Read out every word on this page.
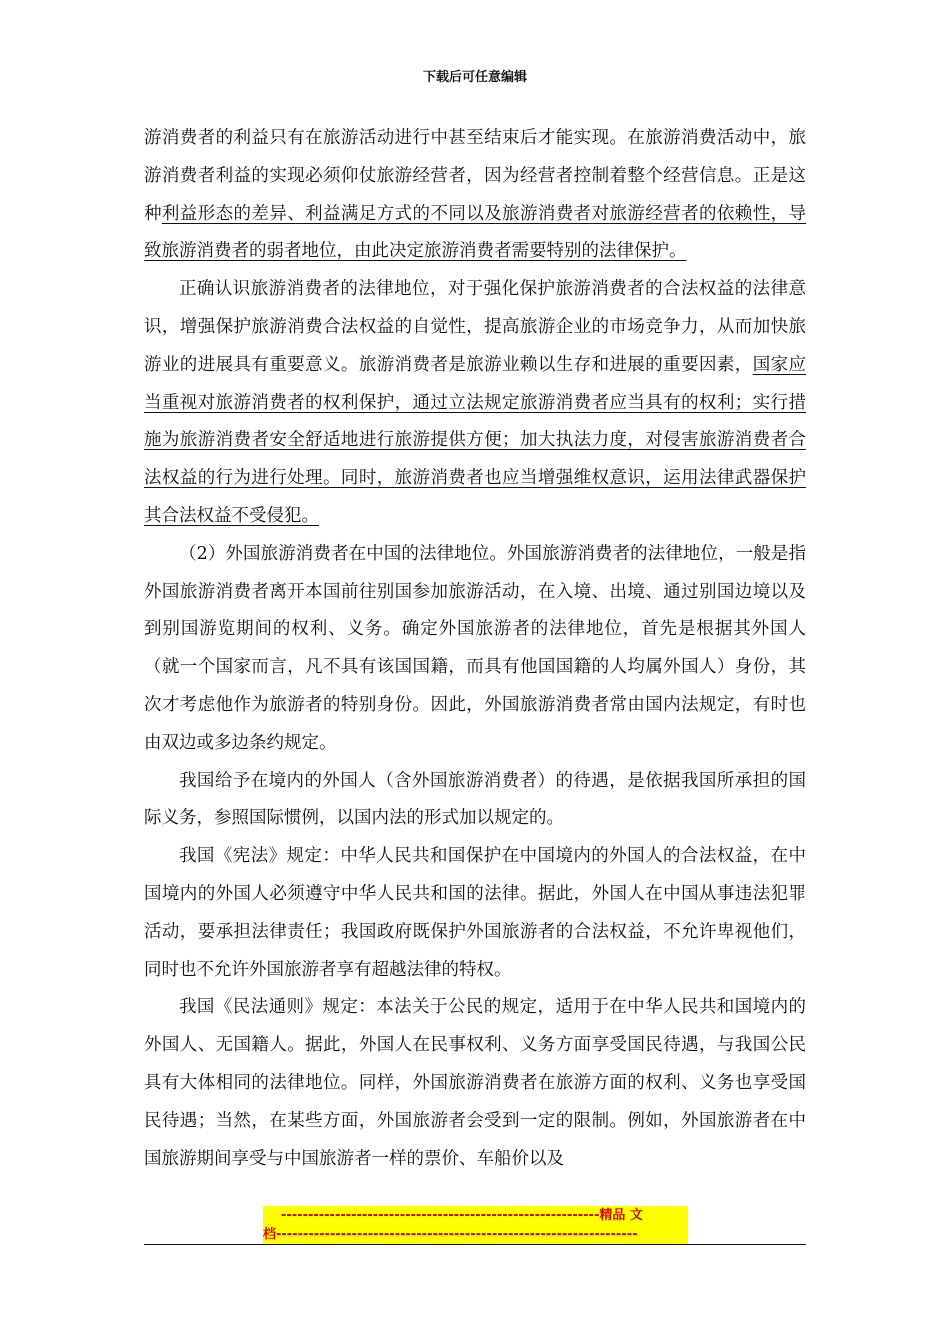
下载后可任意编辑

游消费者的利益只有在旅游活动进行中甚至结束后才能实现。在旅游消费活动中，旅游消费者利益的实现必须仰仗旅游经营者，因为经营者控制着整个经营信息。正是这种利益形态的差异、利益满足方式的不同以及旅游消费者对旅游经营者的依赖性，导致旅游消费者的弱者地位，由此决定旅游消费者需要特别的法律保护。

正确认识旅游消费者的法律地位，对于强化保护旅游消费者的合法权益的法律意识，增强保护旅游消费合法权益的自觉性，提高旅游企业的市场竞争力，从而加快旅游业的进展具有重要意义。旅游消费者是旅游业赖以生存和进展的重要因素，国家应当重视对旅游消费者的权利保护，通过立法规定旅游消费者应当具有的权利；实行措施为旅游消费者安全舒适地进行旅游提供方便；加大执法力度，对侵害旅游消费者合法权益的行为进行处理。同时，旅游消费者也应当增强维权意识，运用法律武器保护其合法权益不受侵犯。

（2）外国旅游消费者在中国的法律地位。外国旅游消费者的法律地位，一般是指外国旅游消费者离开本国前往别国参加旅游活动，在入境、出境、通过别国边境以及到别国游览期间的权利、义务。确定外国旅游者的法律地位，首先是根据其外国人（就一个国家而言，凡不具有该国国籍，而具有他国国籍的人均属外国人）身份，其次才考虑他作为旅游者的特别身份。因此，外国旅游消费者常由国内法规定，有时也由双边或多边条约规定。

我国给予在境内的外国人（含外国旅游消费者）的待遇，是依据我国所承担的国际义务，参照国际惯例，以国内法的形式加以规定的。

我国《宪法》规定：中华人民共和国保护在中国境内的外国人的合法权益，在中国境内的外国人必须遵守中华人民共和国的法律。据此，外国人在中国从事违法犯罪活动，要承担法律责任；我国政府既保护外国旅游者的合法权益，不允许卑视他们，同时也不允许外国旅游者享有超越法律的特权。

我国《民法通则》规定：本法关于公民的规定，适用于在中华人民共和国境内的外国人、无国籍人。据此，外国人在民事权利、义务方面享受国民待遇，与我国公民具有大体相同的法律地位。同样，外国旅游消费者在旅游方面的权利、义务也享受国民待遇；当然，在某些方面，外国旅游者会受到一定的限制。例如，外国旅游者在中国旅游期间享受与中国旅游者一样的票价、车船价以及

-----------------------------------------------------------精品 文
档-------------------------------------------------------------------
